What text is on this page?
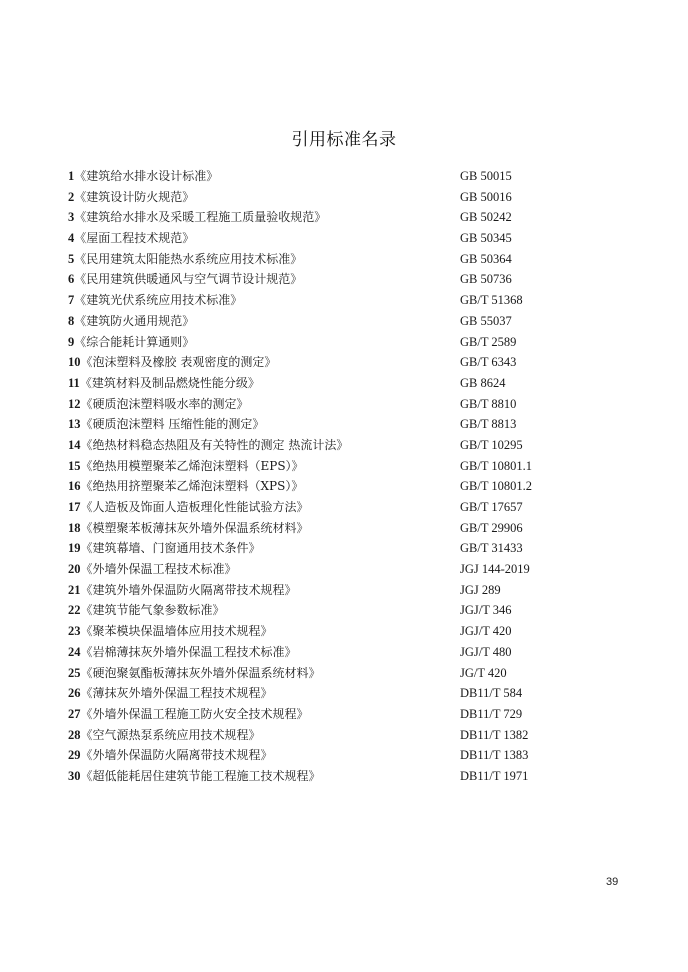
引用标准名录
1《建筑给水排水设计标准》	GB 50015
2《建筑设计防火规范》	GB 50016
3《建筑给水排水及采暖工程施工质量验收规范》	GB 50242
4《屋面工程技术规范》	GB 50345
5《民用建筑太阳能热水系统应用技术标准》	GB 50364
6《民用建筑供暖通风与空气调节设计规范》	GB 50736
7《建筑光伏系统应用技术标准》	GB/T 51368
8《建筑防火通用规范》	GB 55037
9《综合能耗计算通则》	GB/T 2589
10《泡沫塑料及橡胶 表观密度的测定》	GB/T 6343
11《建筑材料及制品燃烧性能分级》	GB 8624
12《硬质泡沫塑料吸水率的测定》	GB/T 8810
13《硬质泡沫塑料 压缩性能的测定》	GB/T 8813
14《绝热材料稳态热阻及有关特性的测定 热流计法》	GB/T 10295
15《绝热用模塑聚苯乙烯泡沫塑料（EPS）》	GB/T 10801.1
16《绝热用挤塑聚苯乙烯泡沫塑料（XPS）》	GB/T 10801.2
17《人造板及饰面人造板理化性能试验方法》	GB/T 17657
18《模塑聚苯板薄抹灰外墙外保温系统材料》	GB/T 29906
19《建筑幕墙、门窗通用技术条件》	GB/T 31433
20《外墙外保温工程技术标准》	JGJ 144-2019
21《建筑外墙外保温防火隔离带技术规程》	JGJ 289
22《建筑节能气象参数标准》	JGJ/T 346
23《聚苯模块保温墙体应用技术规程》	JGJ/T 420
24《岩棉薄抹灰外墙外保温工程技术标准》	JGJ/T 480
25《硬泡聚氨酯板薄抹灰外墙外保温系统材料》	JG/T 420
26《薄抹灰外墙外保温工程技术规程》	DB11/T 584
27《外墙外保温工程施工防火安全技术规程》	DB11/T 729
28《空气源热泵系统应用技术规程》	DB11/T 1382
29《外墙外保温防火隔离带技术规程》	DB11/T 1383
30《超低能耗居住建筑节能工程施工技术规程》	DB11/T 1971
39
